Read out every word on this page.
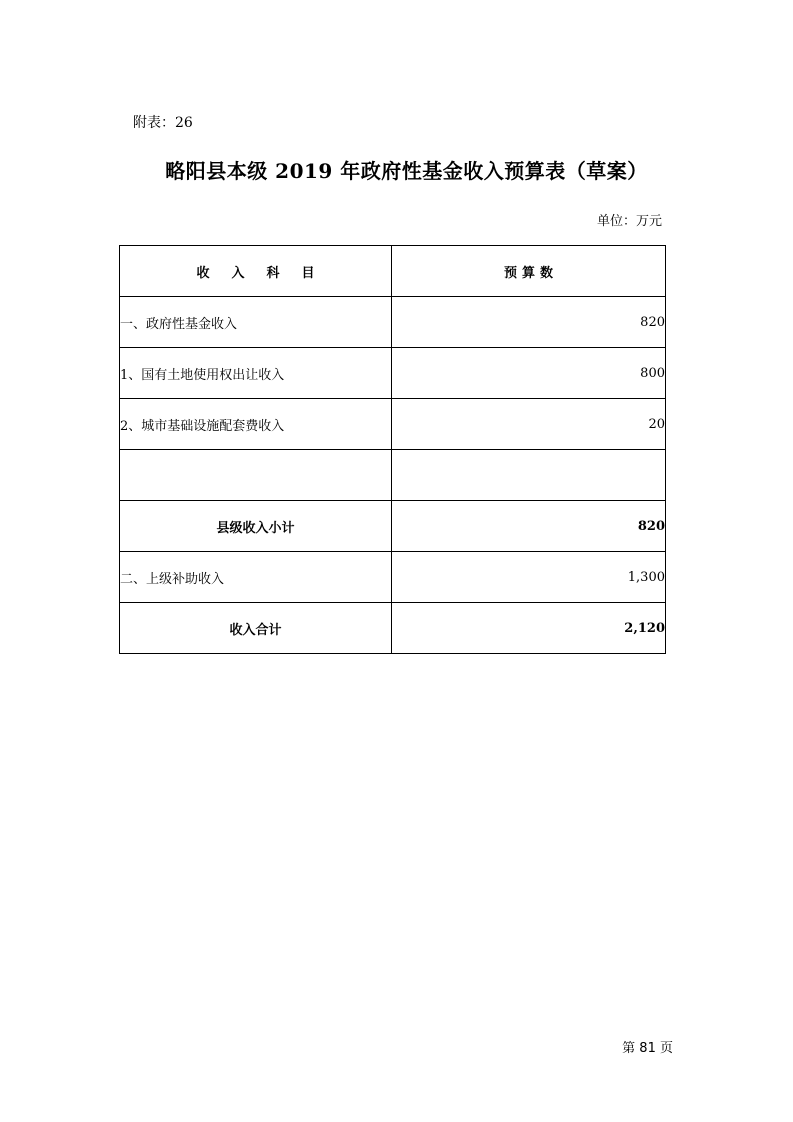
附表：26
略阳县本级 2019 年政府性基金收入预算表（草案）
单位：万元
收入科目	预算数
一、政府性基金收入	820
1、国有土地使用权出让收入	800
2、城市基础设施配套费收入	20

县级收入小计	820
二、上级补助收入	1,300
收入合计	2,120
第 81 页
